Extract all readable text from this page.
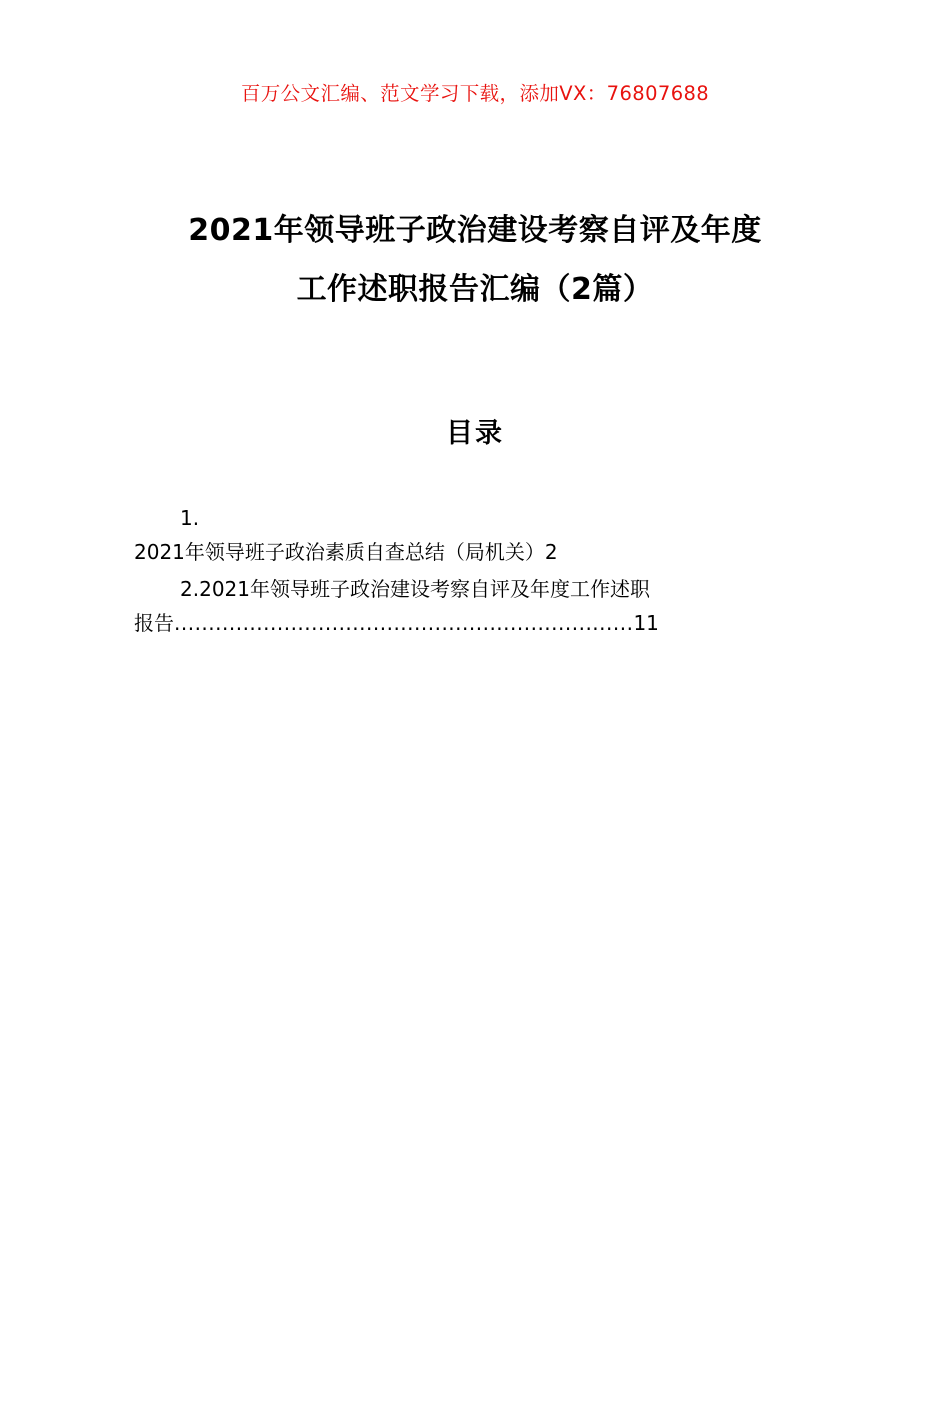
百万公文汇编、范文学习下载，添加VX：76807688
2021年领导班子政治建设考察自评及年度
工作述职报告汇编（2篇）
目录
1.
2021年领导班子政治素质自查总结（局机关）2
2.2021年领导班子政治建设考察自评及年度工作述职
报告...................................................................11
